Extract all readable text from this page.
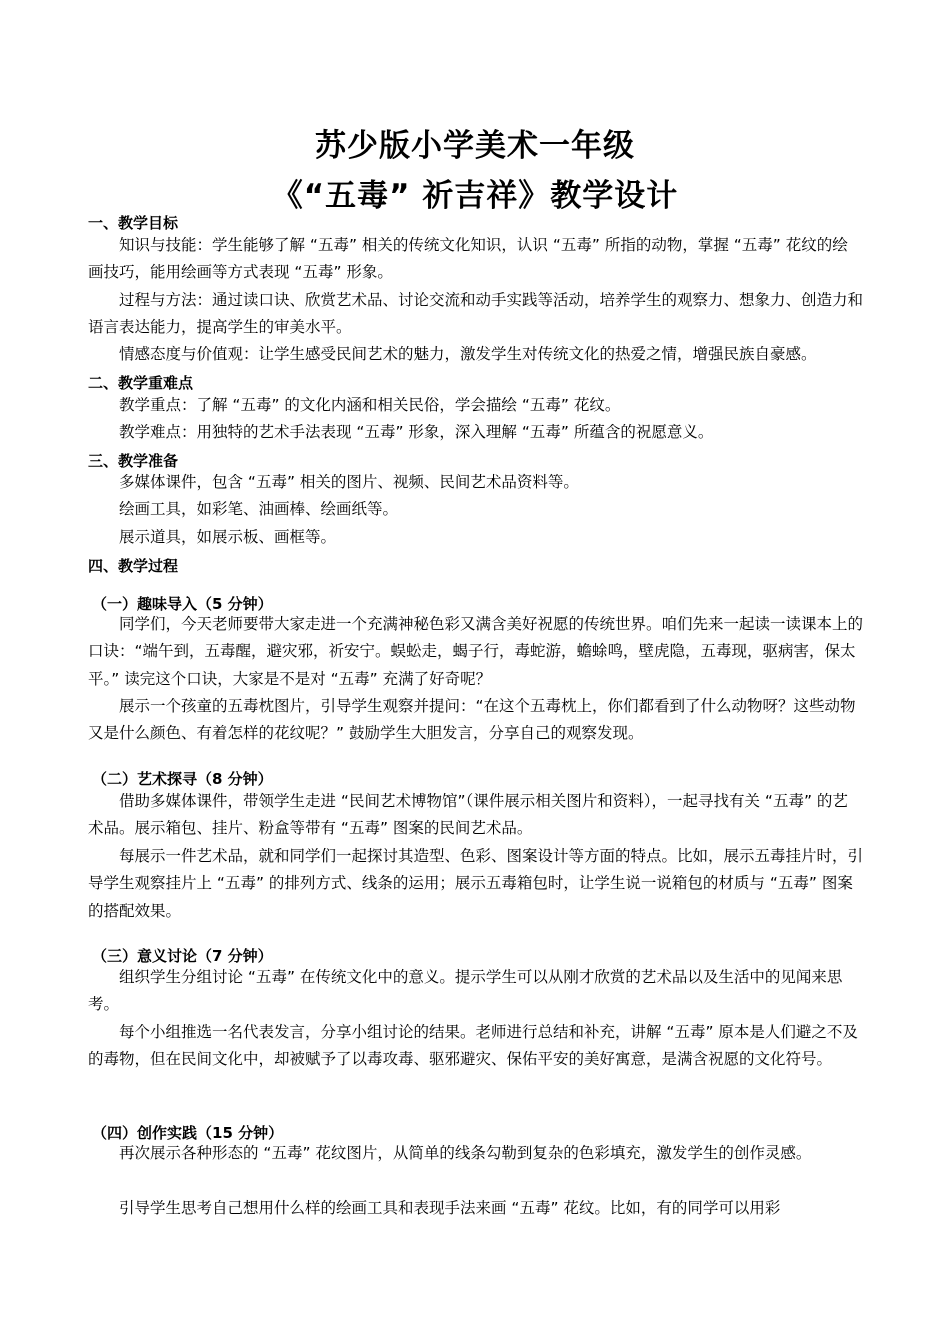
苏少版小学美术一年级
《“五毒” 祈吉祥》教学设计
一、教学目标

知识与技能：学生能够了解 “五毒” 相关的传统文化知识，认识 “五毒” 所指的动物，掌握 “五毒” 花纹的绘画技巧，能用绘画等方式表现 “五毒” 形象。

过程与方法：通过读口诀、欣赏艺术品、讨论交流和动手实践等活动，培养学生的观察力、想象力、创造力和语言表达能力，提高学生的审美水平。

情感态度与价值观：让学生感受民间艺术的魅力，激发学生对传统文化的热爱之情，增强民族自豪感。

二、教学重难点

教学重点：了解 “五毒” 的文化内涵和相关民俗，学会描绘 “五毒” 花纹。

教学难点：用独特的艺术手法表现 “五毒” 形象，深入理解 “五毒” 所蕴含的祝愿意义。

三、教学准备

多媒体课件，包含 “五毒” 相关的图片、视频、民间艺术品资料等。

绘画工具，如彩笔、油画棒、绘画纸等。

展示道具，如展示板、画框等。

四、教学过程
（一）趣味导入（5 分钟）

同学们，今天老师要带大家走进一个充满神秘色彩又满含美好祝愿的传统世界。咱们先来一起读一读课本上的口诀：“端午到，五毒醒，避灾邪，祈安宁。蜈蚣走，蝎子行，毒蛇游，蟾蜍鸣，壁虎隐，五毒现，驱病害，保太平。” 读完这个口诀，大家是不是对 “五毒” 充满了好奇呢？

展示一个孩童的五毒枕图片，引导学生观察并提问：“在这个五毒枕上，你们都看到了什么动物呀？这些动物又是什么颜色、有着怎样的花纹呢？” 鼓励学生大胆发言，分享自己的观察发现。

（二）艺术探寻（8 分钟）

借助多媒体课件，带领学生走进 “民间艺术博物馆”（课件展示相关图片和资料），一起寻找有关 “五毒” 的艺术品。展示箱包、挂片、粉盒等带有 “五毒” 图案的民间艺术品。

每展示一件艺术品，就和同学们一起探讨其造型、色彩、图案设计等方面的特点。比如，展示五毒挂片时，引导学生观察挂片上 “五毒” 的排列方式、线条的运用；展示五毒箱包时，让学生说一说箱包的材质与 “五毒” 图案的搭配效果。

（三）意义讨论（7 分钟）

组织学生分组讨论 “五毒” 在传统文化中的意义。提示学生可以从刚才欣赏的艺术品以及生活中的见闻来思考。

每个小组推选一名代表发言，分享小组讨论的结果。老师进行总结和补充，讲解 “五毒” 原本是人们避之不及的毒物，但在民间文化中，却被赋予了以毒攻毒、驱邪避灾、保佑平安的美好寓意，是满含祝愿的文化符号。

（四）创作实践（15 分钟）

再次展示各种形态的 “五毒” 花纹图片，从简单的线条勾勒到复杂的色彩填充，激发学生的创作灵感。

引导学生思考自己想用什么样的绘画工具和表现手法来画 “五毒” 花纹。比如，有的同学可以用彩
